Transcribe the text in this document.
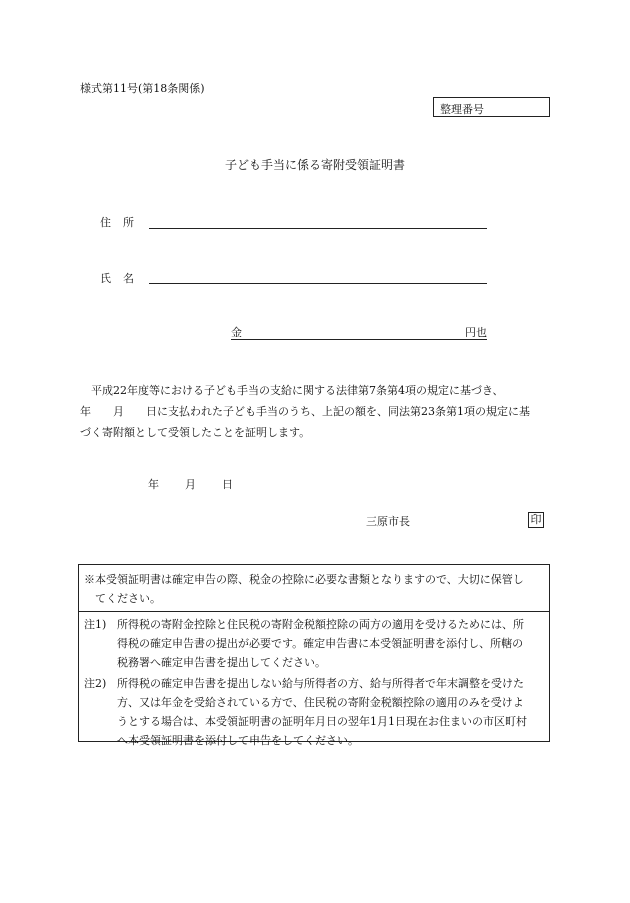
様式第11号(第18条関係)
整理番号
子ども手当に係る寄附受領証明書
住所
氏名
金	円也
　平成22年度等における子ども手当の支給に関する法律第7条第4項の規定に基づき、
年　　月　　日に支払われた子ども手当のうち、上記の額を、同法第23条第1項の規定に基
づく寄附額として受領したことを証明します。
年 月 日
三原市長	印
※本受領証明書は確定申告の際、税金の控除に必要な書類となりますので、大切に保管し
　てください。
注1) 所得税の寄附金控除と住民税の寄附金税額控除の両方の適用を受けるためには、所
得税の確定申告書の提出が必要です。確定申告書に本受領証明書を添付し、所轄の
税務署へ確定申告書を提出してください。
注2) 所得税の確定申告書を提出しない給与所得者の方、給与所得者で年末調整を受けた
方、又は年金を受給されている方で、住民税の寄附金税額控除の適用のみを受けよ
うとする場合は、本受領証明書の証明年月日の翌年1月1日現在お住まいの市区町村
へ本受領証明書を添付して申告をしてください。
